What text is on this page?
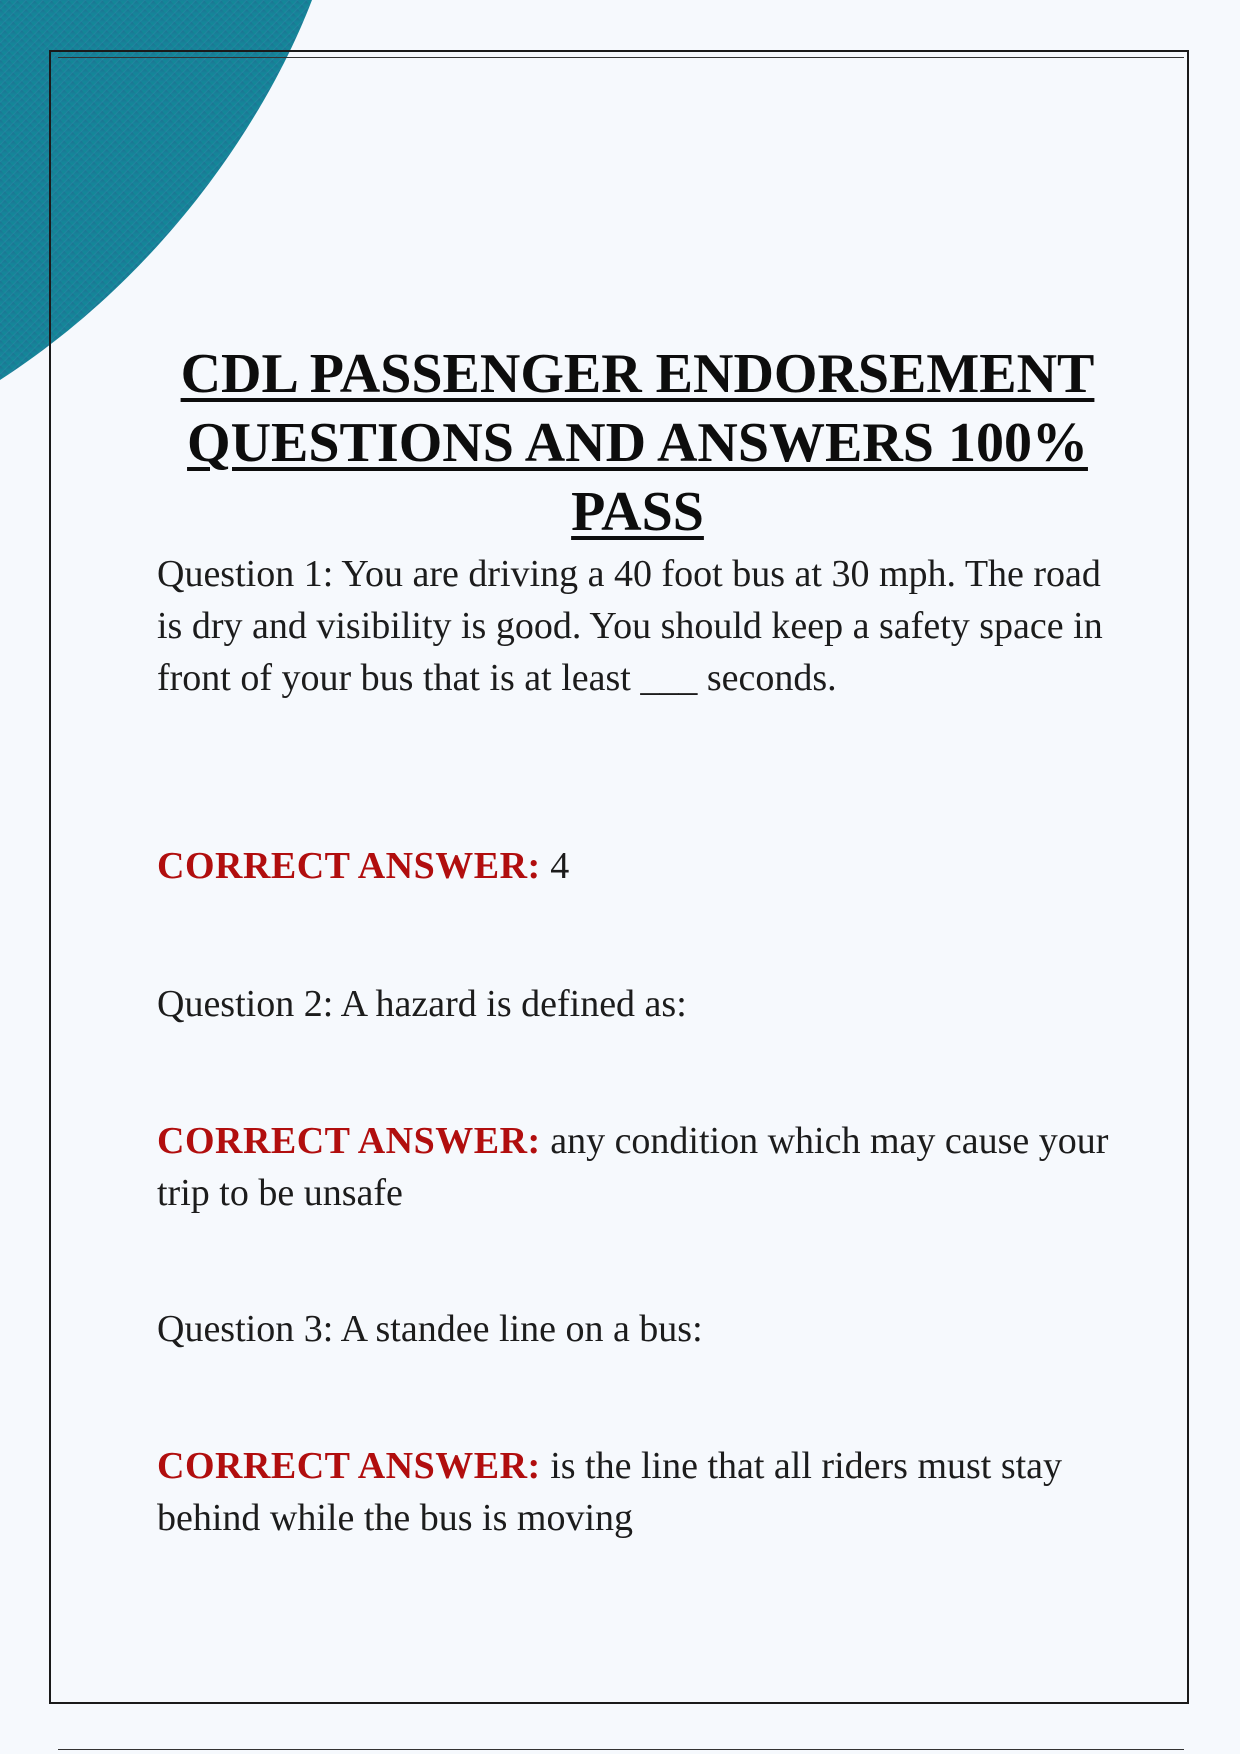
CDL PASSENGER ENDORSEMENT QUESTIONS AND ANSWERS 100% PASS

Question 1: You are driving a 40 foot bus at 30 mph. The road is dry and visibility is good. You should keep a safety space in front of your bus that is at least ___ seconds.

CORRECT ANSWER: 4

Question 2: A hazard is defined as:

CORRECT ANSWER: any condition which may cause your trip to be unsafe

Question 3: A standee line on a bus:

CORRECT ANSWER: is the line that all riders must stay behind while the bus is moving
